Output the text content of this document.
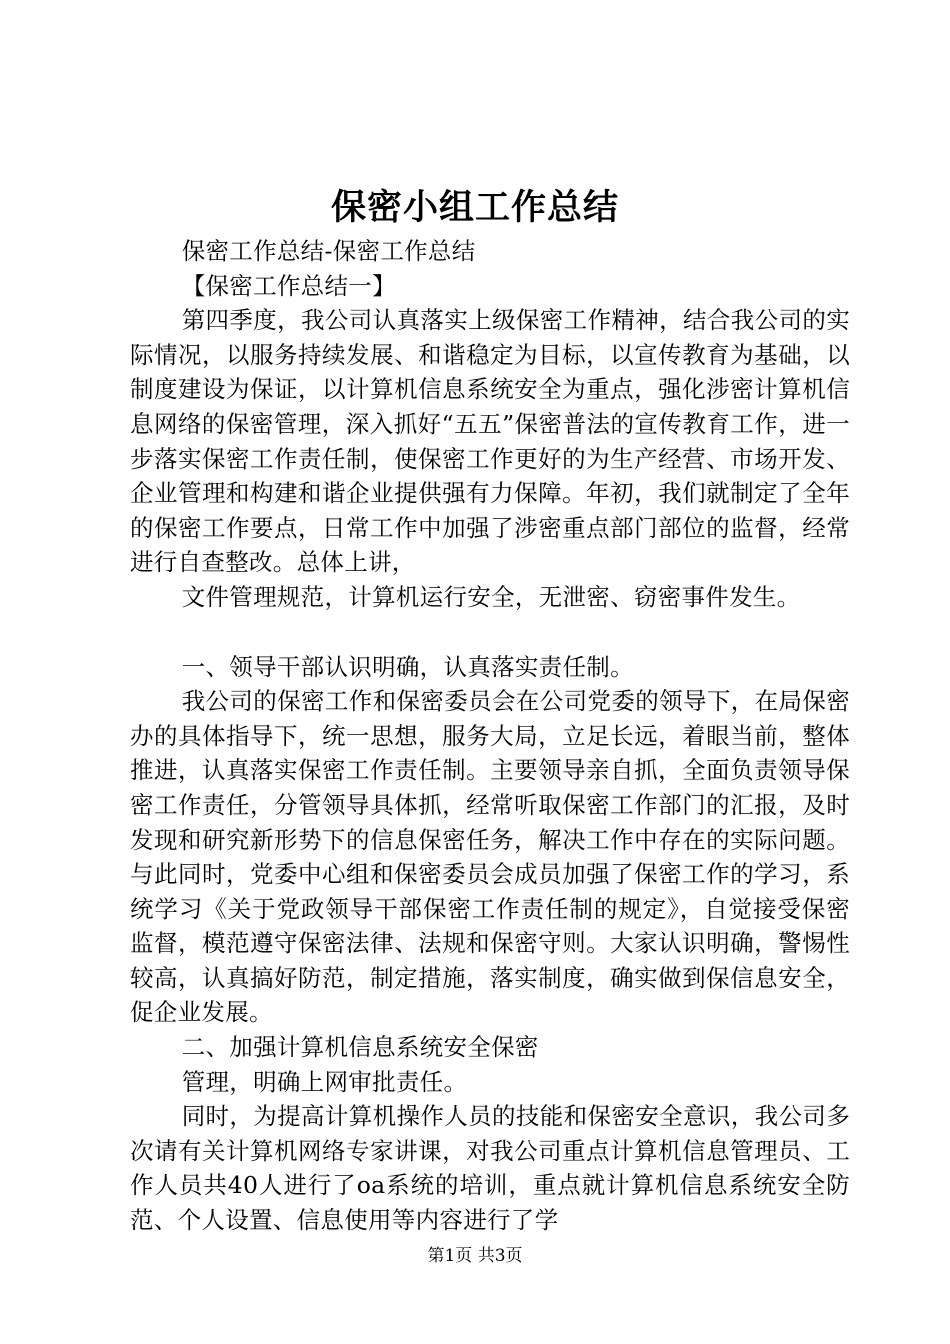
保密小组工作总结

保密工作总结-保密工作总结

【保密工作总结一】

第四季度，我公司认真落实上级保密工作精神，结合我公司的实际情况，以服务持续发展、和谐稳定为目标，以宣传教育为基础，以制度建设为保证，以计算机信息系统安全为重点，强化涉密计算机信息网络的保密管理，深入抓好“五五”保密普法的宣传教育工作，进一步落实保密工作责任制，使保密工作更好的为生产经营、市场开发、企业管理和构建和谐企业提供强有力保障。年初，我们就制定了全年的保密工作要点，日常工作中加强了涉密重点部门部位的监督，经常进行自查整改。总体上讲，

文件管理规范，计算机运行安全，无泄密、窃密事件发生。

一、领导干部认识明确，认真落实责任制。

我公司的保密工作和保密委员会在公司党委的领导下，在局保密办的具体指导下，统一思想，服务大局，立足长远，着眼当前，整体推进，认真落实保密工作责任制。主要领导亲自抓，全面负责领导保密工作责任，分管领导具体抓，经常听取保密工作部门的汇报，及时发现和研究新形势下的信息保密任务，解决工作中存在的实际问题。与此同时，党委中心组和保密委员会成员加强了保密工作的学习，系统学习《关于党政领导干部保密工作责任制的规定》，自觉接受保密监督，模范遵守保密法律、法规和保密守则。大家认识明确，警惕性较高，认真搞好防范，制定措施，落实制度，确实做到保信息安全，促企业发展。

二、加强计算机信息系统安全保密

管理，明确上网审批责任。

同时，为提高计算机操作人员的技能和保密安全意识，我公司多次请有关计算机网络专家讲课，对我公司重点计算机信息管理员、工作人员共40人进行了oa系统的培训，重点就计算机信息系统安全防范、个人设置、信息使用等内容进行了学

第1页 共3页
